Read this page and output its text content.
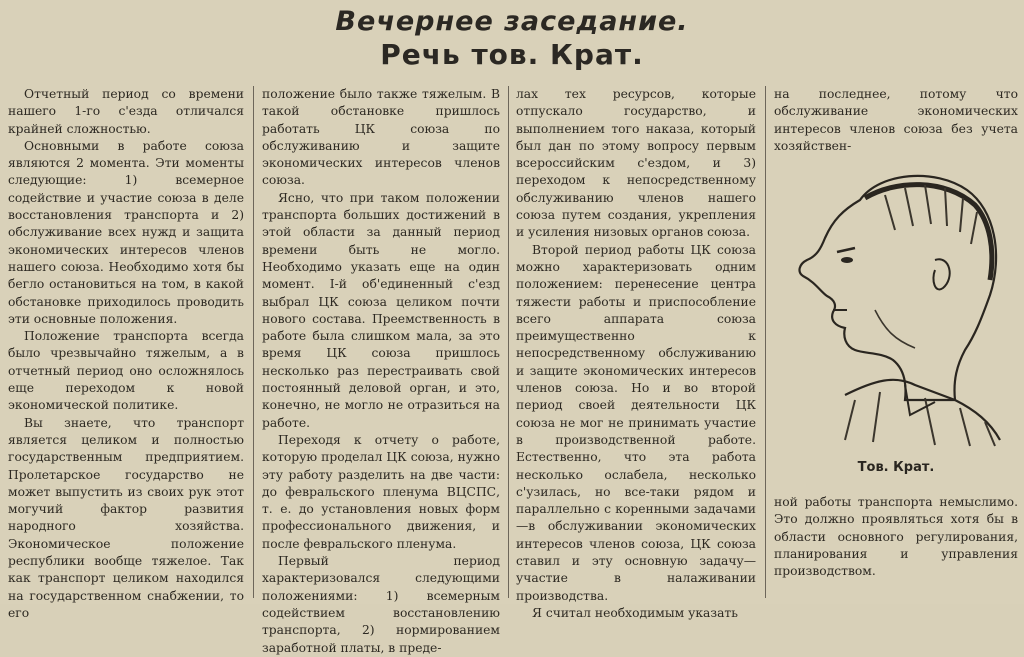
Вечернее заседание.
Речь тов. Крат.

Отчетный период со времени нашего 1-го с'езда отличался крайней сложностью.

Основными в работе союза являются 2 момента. Эти моменты следующие: 1) всемерное содействие и участие союза в деле восстановления транспорта и 2) обслуживание всех нужд и защита экономических интересов членов нашего союза. Необходимо хотя бы бегло остановиться на том, в какой обстановке приходилось проводить эти основные положения.

Положение транспорта всегда было чрезвычайно тяжелым, а в отчетный период оно осложнялось еще переходом к новой экономической политике.

Вы знаете, что транспорт является целиком и полностью государственным предприятием. Пролетарское государство не может выпустить из своих рук этот могучий фактор развития народного хозяйства. Экономическое положение республики вообще тяжелое. Так как транспорт целиком находился на государственном снабжении, то его

положение было также тяжелым. В такой обстановке пришлось работать ЦК союза по обслуживанию и защите экономических интересов членов союза.

Ясно, что при таком положении транспорта больших достижений в этой области за данный период времени быть не могло. Необходимо указать еще на один момент. I-й об'единенный с'езд выбрал ЦК союза целиком почти нового состава. Преемственность в работе была слишком мала, за это время ЦК союза пришлось несколько раз перестраивать свой постоянный деловой орган, и это, конечно, не могло не отразиться на работе.

Переходя к отчету о работе, которую проделал ЦК союза, нужно эту работу разделить на две части: до февральского пленума ВЦСПС, т. е. до установления новых форм профессионального движения, и после февральского пленума.

Первый период характеризовался следующими положениями: 1) всемерным содействием восстановлению транспорта, 2) нормированием заработной платы, в преде-

лах тех ресурсов, которые отпускало государство, и выполнением того наказа, который был дан по этому вопросу первым всероссийским с'ездом, и 3) переходом к непосредственному обслуживанию членов нашего союза путем создания, укрепления и усиления низовых органов союза.

Второй период работы ЦК союза можно характеризовать одним положением: перенесение центра тяжести работы и приспособление всего аппарата союза преимущественно к непосредственному обслуживанию и защите экономических интересов членов союза. Но и во второй период своей деятельности ЦК союза не мог не принимать участие в производственной работе. Естественно, что эта работа несколько ослабела, несколько с'узилась, но все-таки рядом и параллельно с коренными задачами—в обслуживании экономических интересов членов союза, ЦК союза ставил и эту основную задачу—участие в налаживании производства.

Я считал необходимым указать

на последнее, потому что обслуживание экономических интересов членов союза без учета хозяйствен-

Тов. Крат.

ной работы транспорта немыслимо. Это должно проявляться хотя бы в области основного регулирования, планирования и управления производством.
